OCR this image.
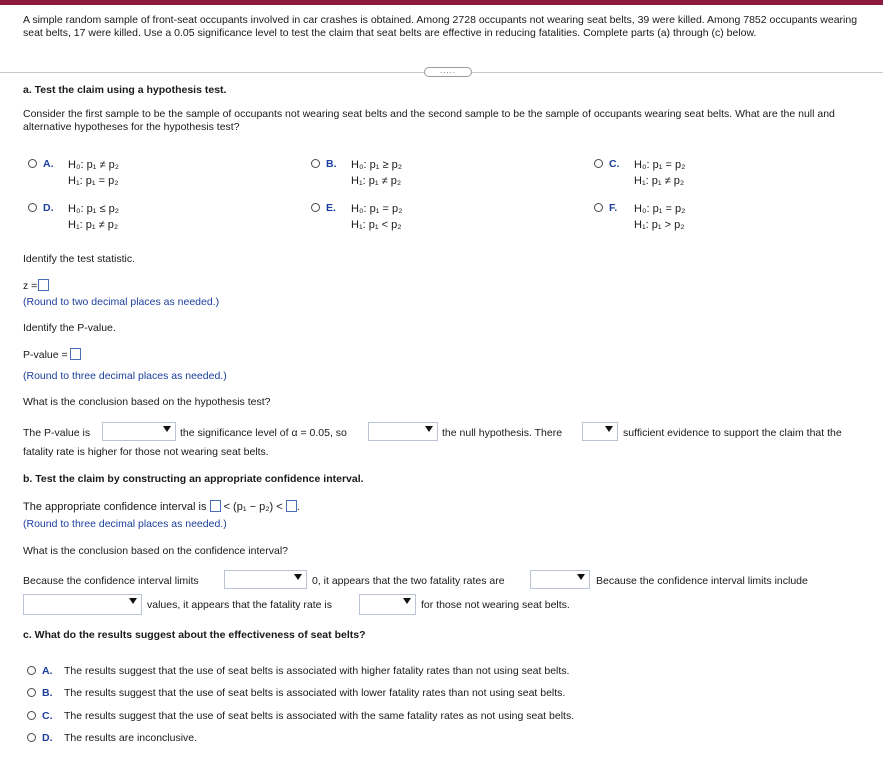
A simple random sample of front-seat occupants involved in car crashes is obtained. Among 2728 occupants not wearing seat belts, 39 were killed. Among 7852 occupants wearing seat belts, 17 were killed. Use a 0.05 significance level to test the claim that seat belts are effective in reducing fatalities. Complete parts (a) through (c) below.
.....
a. Test the claim using a hypothesis test.
Consider the first sample to be the sample of occupants not wearing seat belts and the second sample to be the sample of occupants wearing seat belts. What are the null and alternative hypotheses for the hypothesis test?
A. H₀: p₁ ≠ p₂
H₁: p₁ = p₂
B. H₀: p₁ ≥ p₂
H₁: p₁ ≠ p₂
C. H₀: p₁ = p₂
H₁: p₁ ≠ p₂
D. H₀: p₁ ≤ p₂
H₁: p₁ ≠ p₂
E. H₀: p₁ = p₂
H₁: p₁ < p₂
F. H₀: p₁ = p₂
H₁: p₁ > p₂
Identify the test statistic.
z =
(Round to two decimal places as needed.)
Identify the P-value.
P-value =
(Round to three decimal places as needed.)
What is the conclusion based on the hypothesis test?
The P-value is	the significance level of α = 0.05, so	the null hypothesis. There	sufficient evidence to support the claim that the
fatality rate is higher for those not wearing seat belts.
b. Test the claim by constructing an appropriate confidence interval.
The appropriate confidence interval is < (p₁ − p₂) < .
(Round to three decimal places as needed.)
What is the conclusion based on the confidence interval?
Because the confidence interval limits	0, it appears that the two fatality rates are	Because the confidence interval limits include
values, it appears that the fatality rate is	for those not wearing seat belts.
c. What do the results suggest about the effectiveness of seat belts?
A. The results suggest that the use of seat belts is associated with higher fatality rates than not using seat belts.
B. The results suggest that the use of seat belts is associated with lower fatality rates than not using seat belts.
C. The results suggest that the use of seat belts is associated with the same fatality rates as not using seat belts.
D. The results are inconclusive.
